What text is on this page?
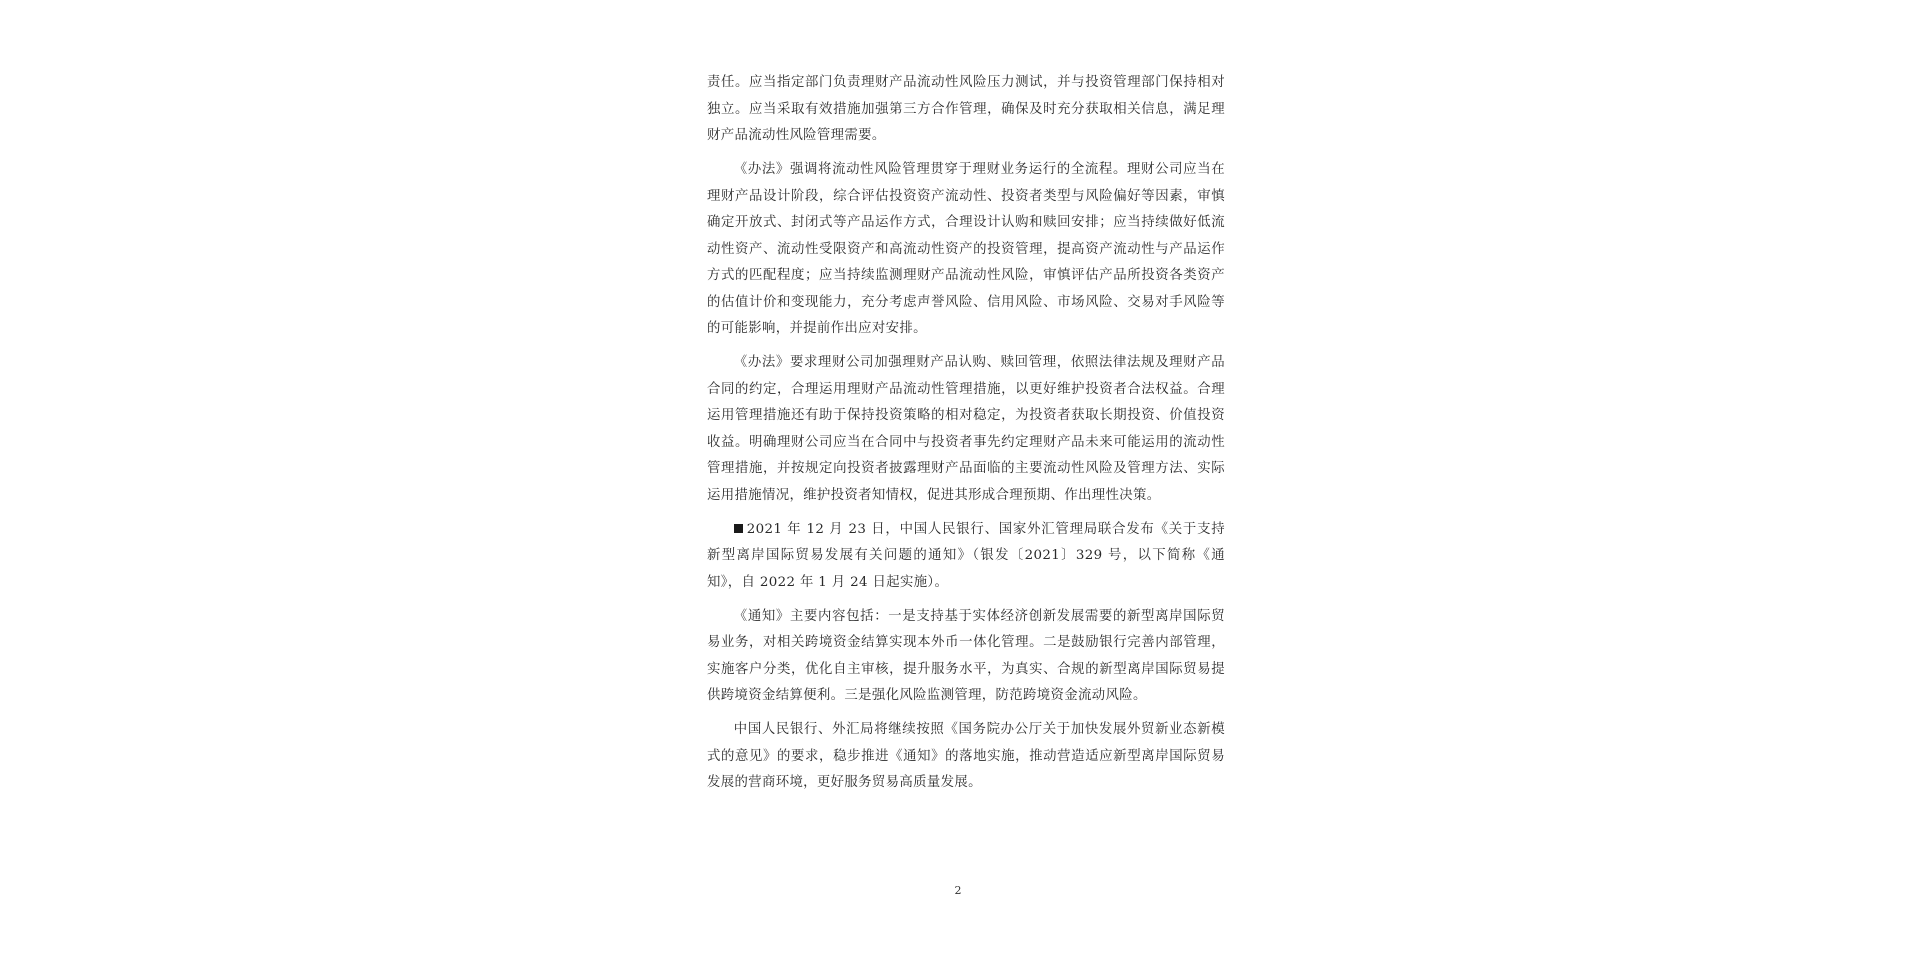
责任。应当指定部门负责理财产品流动性风险压力测试，并与投资管理部门保持相对独立。应当采取有效措施加强第三方合作管理，确保及时充分获取相关信息，满足理财产品流动性风险管理需要。

《办法》强调将流动性风险管理贯穿于理财业务运行的全流程。理财公司应当在理财产品设计阶段，综合评估投资资产流动性、投资者类型与风险偏好等因素，审慎确定开放式、封闭式等产品运作方式，合理设计认购和赎回安排；应当持续做好低流动性资产、流动性受限资产和高流动性资产的投资管理，提高资产流动性与产品运作方式的匹配程度；应当持续监测理财产品流动性风险，审慎评估产品所投资各类资产的估值计价和变现能力，充分考虑声誉风险、信用风险、市场风险、交易对手风险等的可能影响，并提前作出应对安排。

《办法》要求理财公司加强理财产品认购、赎回管理，依照法律法规及理财产品合同的约定，合理运用理财产品流动性管理措施，以更好维护投资者合法权益。合理运用管理措施还有助于保持投资策略的相对稳定，为投资者获取长期投资、价值投资收益。明确理财公司应当在合同中与投资者事先约定理财产品未来可能运用的流动性管理措施，并按规定向投资者披露理财产品面临的主要流动性风险及管理方法、实际运用措施情况，维护投资者知情权，促进其形成合理预期、作出理性决策。

2021 年 12 月 23 日，中国人民银行、国家外汇管理局联合发布《关于支持新型离岸国际贸易发展有关问题的通知》（银发〔2021〕329 号，以下简称《通知》，自 2022 年 1 月 24 日起实施）。

《通知》主要内容包括：一是支持基于实体经济创新发展需要的新型离岸国际贸易业务，对相关跨境资金结算实现本外币一体化管理。二是鼓励银行完善内部管理，实施客户分类，优化自主审核，提升服务水平，为真实、合规的新型离岸国际贸易提供跨境资金结算便利。三是强化风险监测管理，防范跨境资金流动风险。

中国人民银行、外汇局将继续按照《国务院办公厅关于加快发展外贸新业态新模式的意见》的要求，稳步推进《通知》的落地实施，推动营造适应新型离岸国际贸易发展的营商环境，更好服务贸易高质量发展。

2
